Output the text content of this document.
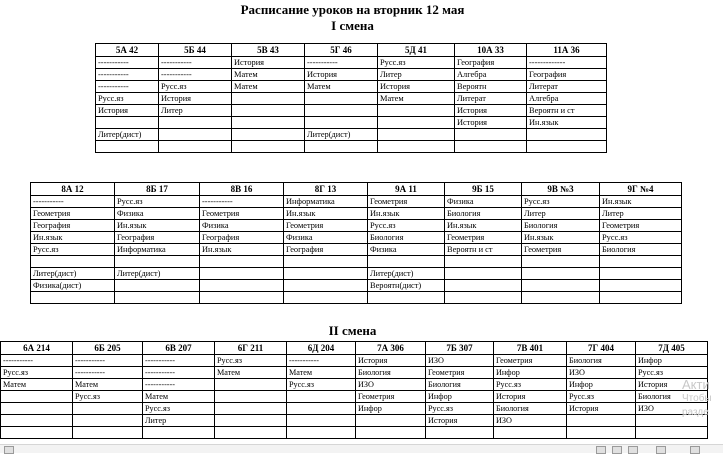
Расписание уроков на вторник 12 мая
I смена
5А 42	5Б 44	5В 43	5Г 46	5Д 41	10А 33	11А 36
-----------	-----------	История	-----------	Русс.яз	География	-------------
-----------	-----------	Матем	История	Литер	Алгебра	География
-----------	Русс.яз	Матем	Матем	История	Вероятн	Литерат
Русс.яз	История			Матем	Литерат	Алгебра
История	Литер				История	Вероятн и ст
					История	Ин.язык
Литер(дист)			Литер(дист)			

8А 12	8Б 17	8В 16	8Г 13	9А 11	9Б 15	9В №3	9Г №4
-----------	Русс.яз	-----------	Информатика	Геометрия	Физика	Русс.яз	Ин.язык
Геометрия	Физика	Геометрия	Ин.язык	Ин.язык	Биология	Литер	Литер
География	Ин.язык	Физика	Геометрия	Русс.яз	Ин.язык	Биология	Геометрия
Ин.язык	География	География	Физика	Биология	Геометрия	Ин.язык	Русс.яз
Русс.яз	Информатика	Ин.язык	География	Физика	Вероятн и ст	Геометрия	Биология

Литер(дист)	Литер(дист)			Литер(дист)			
Физика(дист)				Вероятн(дист)			

II смена
6А 214	6Б 205	6В 207	6Г 211	6Д 204	7А 306	7Б 307	7В 401	7Г 404	7Д 405
-----------	-----------	-----------	Русс.яз	-----------	История	ИЗО	Геометрия	Биология	Инфор
Русс.яз	-----------	-----------	Матем	Матем	Биология	Геометрия	Инфор	ИЗО	Русс.яз
Матем	Матем	-----------		Русс.яз	ИЗО	Биология	Русс.яз	Инфор	История
	Русс.яз	Матем			Геометрия	Инфор	История	Русс.яз	Биология
		Русс.яз			Инфор	Русс.яз	Биология	История	ИЗО
		Литер				История	ИЗО		

Акти
Чтобы
разде
